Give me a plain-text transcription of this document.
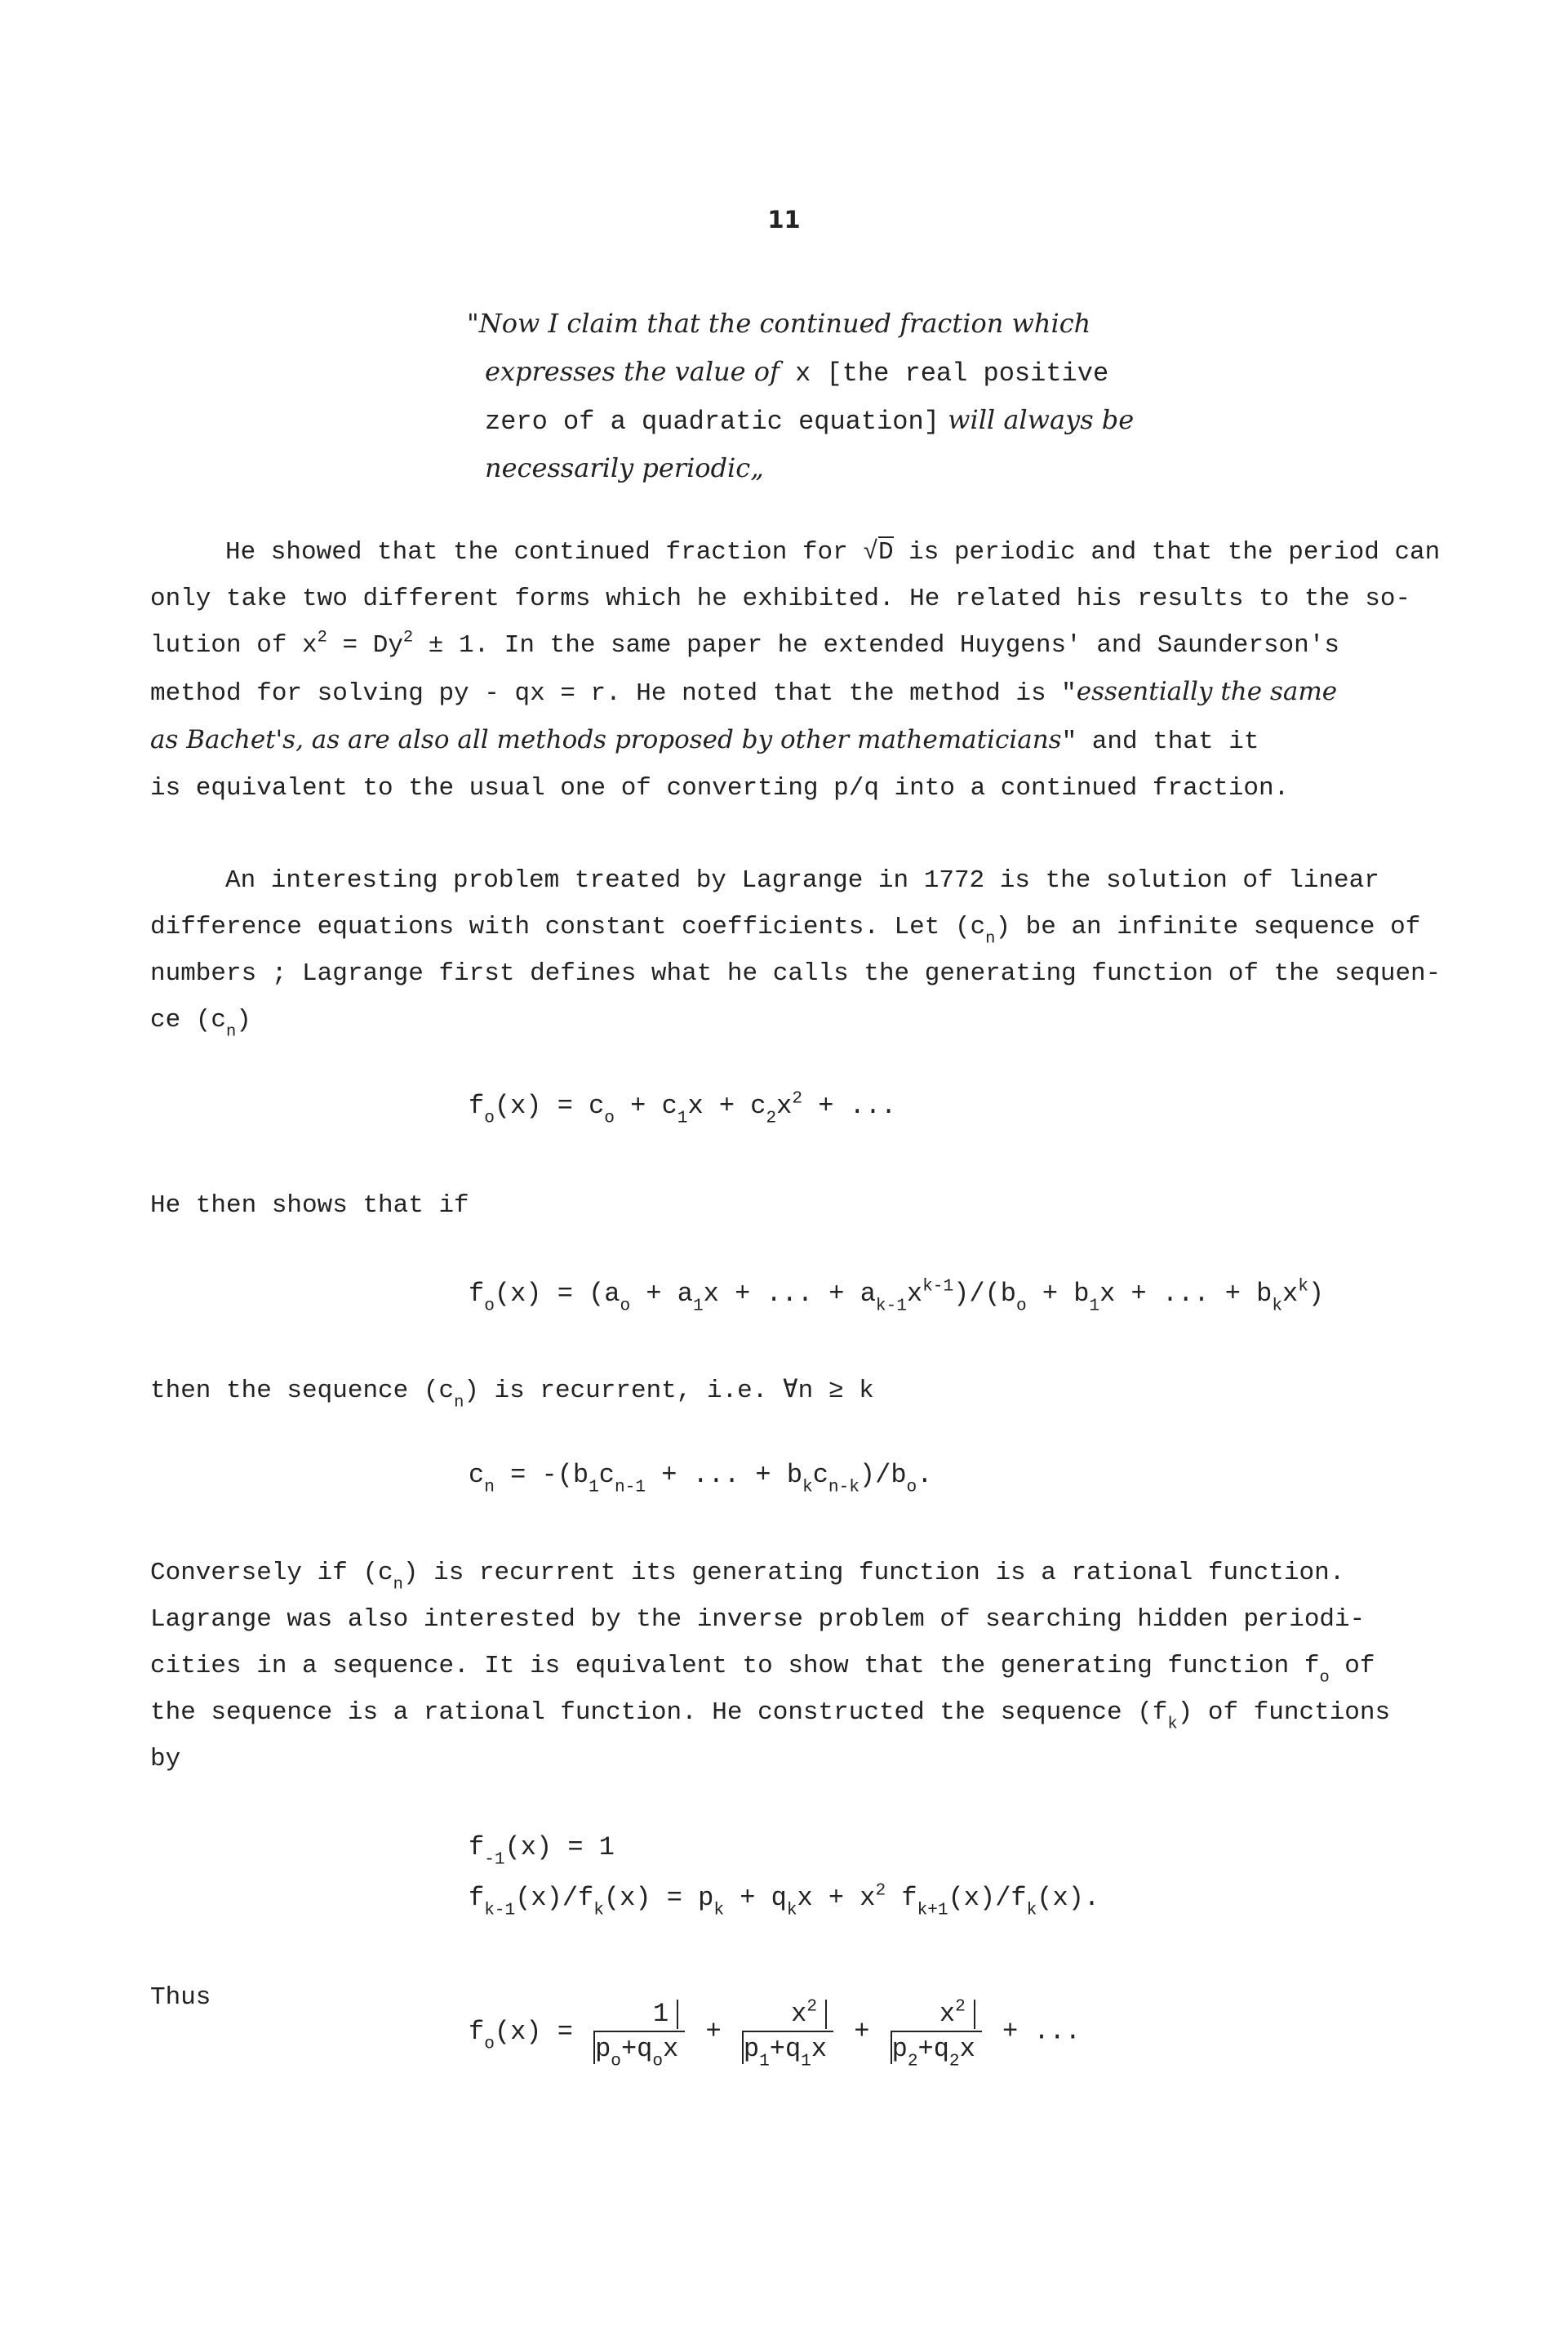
11
"Now I claim that the continued fraction which
expresses the value of x [the real positive
zero of a quadratic equation] will always be
necessarily periodic„
He showed that the continued fraction for √D is periodic and that the period can
only take two different forms which he exhibited. He related his results to the so-
lution of $x^2 = Dy^2 \pm 1$. In the same paper he extended Huygens' and Saunderson's
method for solving py - qx = r. He noted that the method is "essentially the same
as Bachet's, as are also all methods proposed by other mathematicians" and that it
is equivalent to the usual one of converting p/q into a continued fraction.
An interesting problem treated by Lagrange in 1772 is the solution of linear
difference equations with constant coefficients. Let $(c_n)$ be an infinite sequence of
numbers ; Lagrange first defines what he calls the generating function of the sequen-
ce $(c_n)$
$f_o(x) = c_o + c_1x + c_2x^2$ + ...
He then shows that if
$f_o(x) = (a_o + a_1x$ + ... + $a_{k-1}x^{k-1})/(b_o + b_1x$ + ... + $b_kx^k$)
then the sequence $(c_n)$ is recurrent, i.e. ∀n ≥ k
$c_n = -(b_1c_{n-1}$ + ... + $b_kc_{n-k})/b_o$.
Conversely if $(c_n)$ is recurrent its generating function is a rational function.
Lagrange was also interested by the inverse problem of searching hidden periodi-
cities in a sequence. It is equivalent to show that the generating function $f_o$ of
the sequence is a rational function. He constructed the sequence $(f_k)$ of functions
by
$f_{-1}(x) = 1$
$f_{k-1}(x)/f_k(x) = p_k + q_kx + x^2$ $f_{k+1}(x)/f_k(x)$.
Thus
$f_o(x) = \frac{1}{p_o+q_ox} + \frac{x^2}{p_1+q_1x} + \frac{x^2}{p_2+q_2x}$ + ...
